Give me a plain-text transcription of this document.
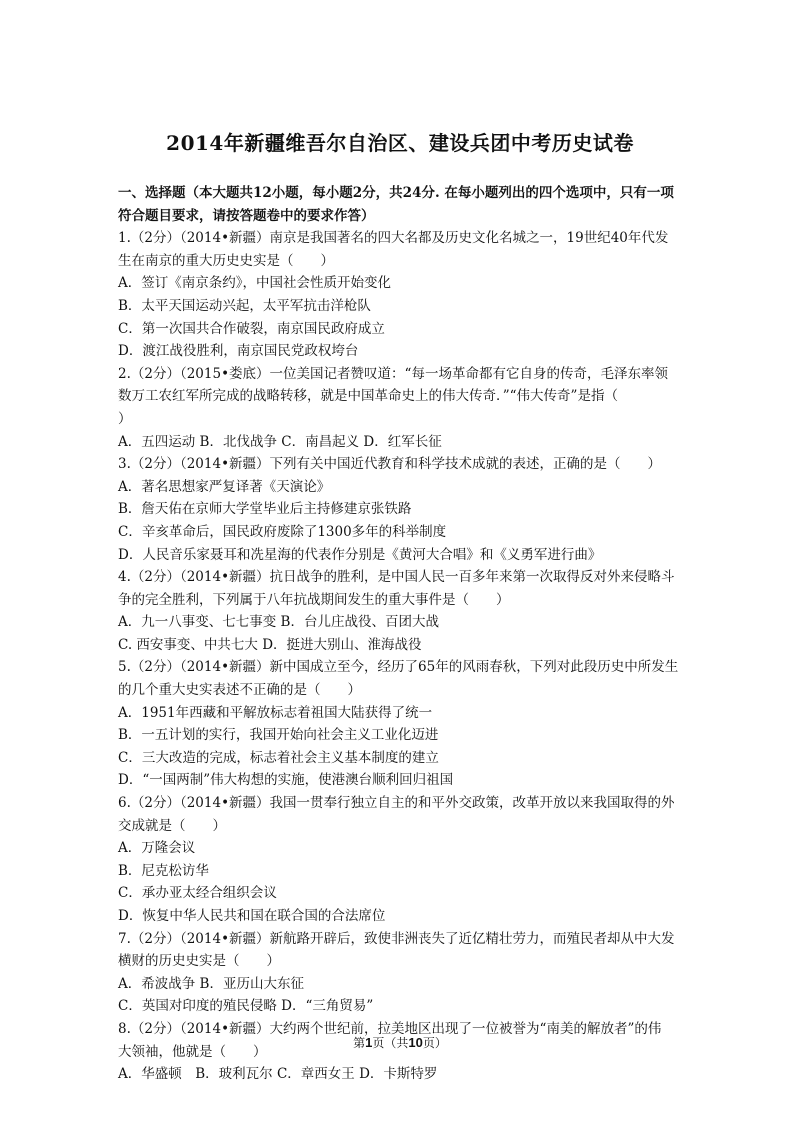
2014年新疆维吾尔自治区、建设兵团中考历史试卷
一、选择题（本大题共12小题，每小题2分，共24分. 在每小题列出的四个选项中，只有一项
符合题目要求，请按答题卷中的要求作答）
1.（2分）（2014•新疆）南京是我国著名的四大名都及历史文化名城之一，19世纪40年代发
生在南京的重大历史史实是（　　）
A．签订《南京条约》，中国社会性质开始变化
B．太平天国运动兴起，太平军抗击洋枪队
C．第一次国共合作破裂，南京国民政府成立
D．渡江战役胜利，南京国民党政权垮台
2.（2分）（2015•娄底）一位美国记者赞叹道：“每一场革命都有它自身的传奇，毛泽东率领
数万工农红军所完成的战略转移，就是中国革命史上的伟大传奇．”“伟大传奇”是指（
）
A．五四运动 B．北伐战争 C．南昌起义 D．红军长征
3.（2分）（2014•新疆）下列有关中国近代教育和科学技术成就的表述，正确的是（　　）
A．著名思想家严复译著《天演论》
B．詹天佑在京师大学堂毕业后主持修建京张铁路
C．辛亥革命后，国民政府废除了1300多年的科举制度
D．人民音乐家聂耳和冼星海的代表作分别是《黄河大合唱》和《义勇军进行曲》
4.（2分）（2014•新疆）抗日战争的胜利，是中国人民一百多年来第一次取得反对外来侵略斗
争的完全胜利，下列属于八年抗战期间发生的重大事件是（　　）
A．九一八事变、七七事变 B．台儿庄战役、百团大战
C. 西安事变、中共七大 D．挺进大别山、淮海战役
5.（2分）（2014•新疆）新中国成立至今，经历了65年的风雨春秋，下列对此段历史中所发生
的几个重大史实表述不正确的是（　　）
A．1951年西藏和平解放标志着祖国大陆获得了统一
B．一五计划的实行，我国开始向社会主义工业化迈进
C．三大改造的完成，标志着社会主义基本制度的建立
D．“一国两制”伟大构想的实施，使港澳台顺利回归祖国
6.（2分）（2014•新疆）我国一贯奉行独立自主的和平外交政策，改革开放以来我国取得的外
交成就是（　　）
A．万隆会议
B．尼克松访华
C．承办亚太经合组织会议
D．恢复中华人民共和国在联合国的合法席位
7.（2分）（2014•新疆）新航路开辟后，致使非洲丧失了近亿精壮劳力，而殖民者却从中大发
横财的历史史实是（　　）
A．希波战争 B．亚历山大东征
C．英国对印度的殖民侵略 D．“三角贸易”
8.（2分）（2014•新疆）大约两个世纪前，拉美地区出现了一位被誉为“南美的解放者”的伟
大领袖，他就是（　　）
A．华盛顿　B．玻利瓦尔 C．章西女王 D．卡斯特罗
第1页（共10页）
